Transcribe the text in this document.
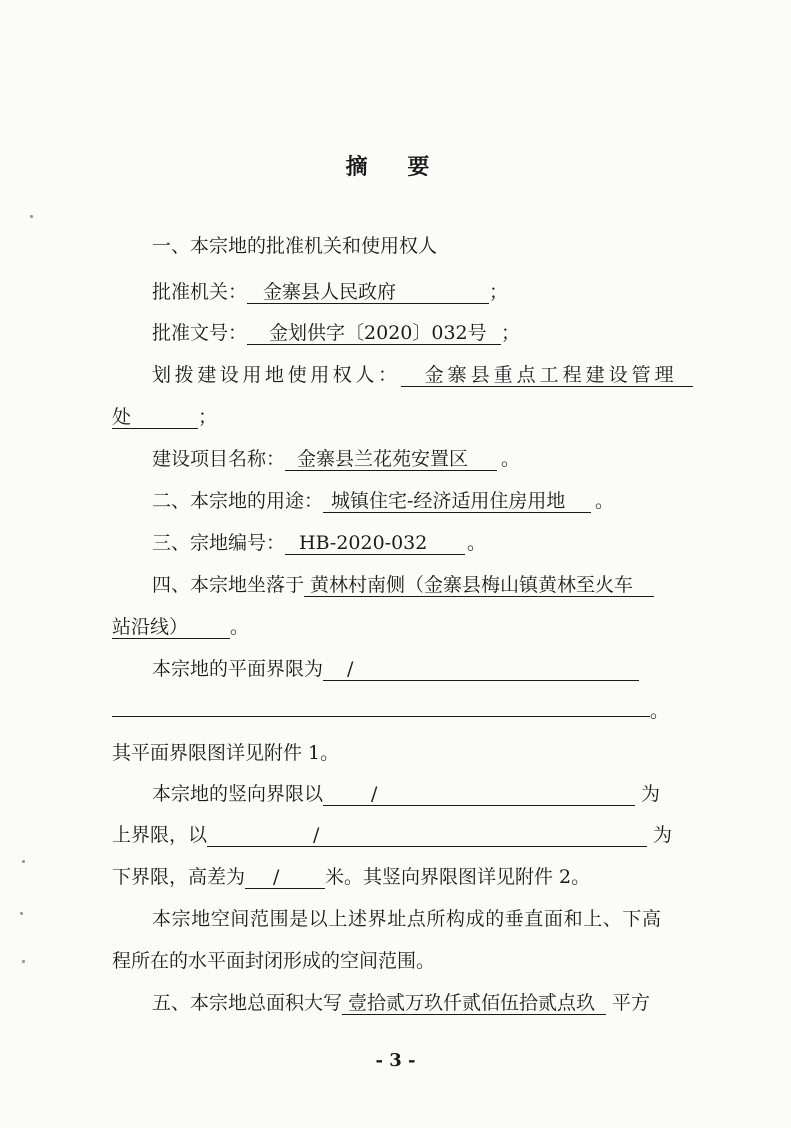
摘 要
一、本宗地的批准机关和使用权人
批准机关： 金寨县人民政府	；
批准文号： 金划供字〔2020〕032号 ；
划拨建设用地使用权人： 金寨县重点工程建设管理
处	；
建设项目名称： 金寨县兰花苑安置区 。
二、本宗地的用途： 城镇住宅-经济适用住房用地 。
三、宗地编号： HB-2020-032 。
四、本宗地坐落于 黄林村南侧（金寨县梅山镇黄林至火车
站沿线） 。
本宗地的平面界限为 /
。
其平面界限图详见附件 1。
本宗地的竖向界限以	/	为
上界限，以	/	为
下界限，高差为 / 米。其竖向界限图详见附件 2。
本宗地空间范围是以上述界址点所构成的垂直面和上、下高
程所在的水平面封闭形成的空间范围。
五、本宗地总面积大写 壹拾贰万玖仟贰佰伍拾贰点玖 平方
- 3 -
